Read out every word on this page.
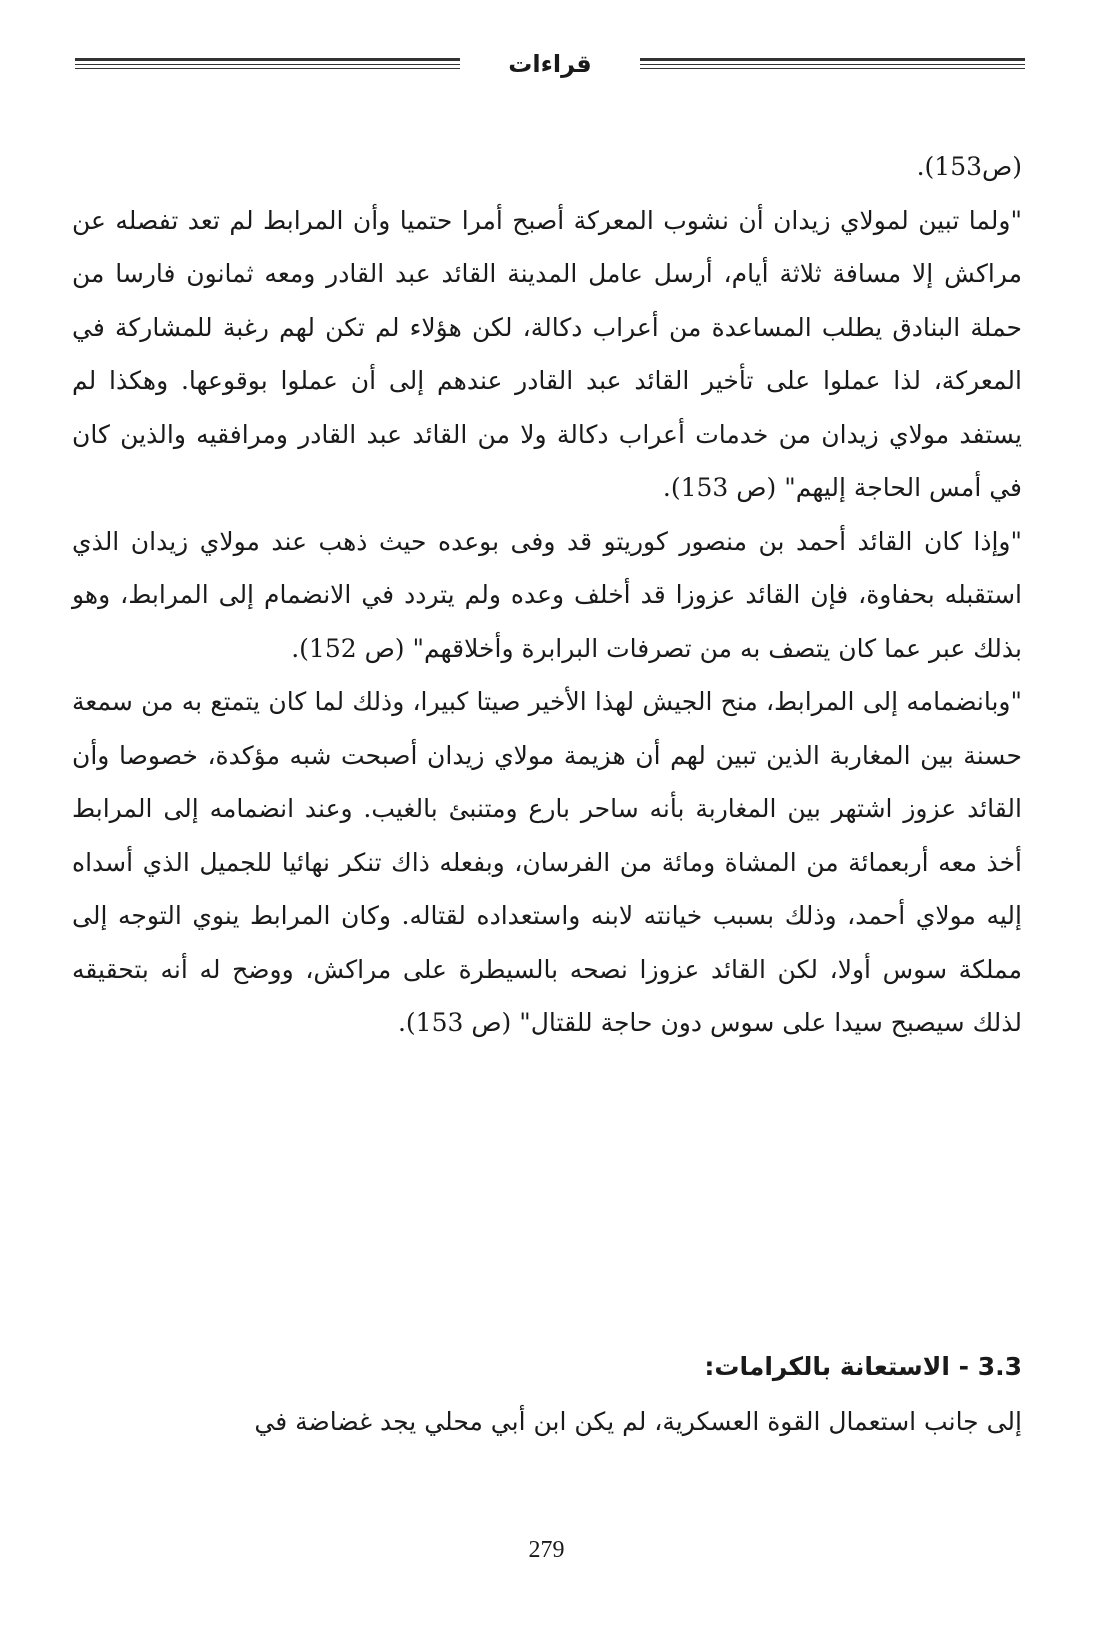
قراءات

(ص153).

"ولما تبين لمولاي زيدان أن نشوب المعركة أصبح أمرا حتميا وأن المرابط لم تعد تفصله عن مراكش إلا مسافة ثلاثة أيام، أرسل عامل المدينة القائد عبد القادر ومعه ثمانون فارسا من حملة البنادق يطلب المساعدة من أعراب دكالة، لكن هؤلاء لم تكن لهم رغبة للمشاركة في المعركة، لذا عملوا على تأخير القائد عبد القادر عندهم إلى أن عملوا بوقوعها. وهكذا لم يستفد مولاي زيدان من خدمات أعراب دكالة ولا من القائد عبد القادر ومرافقيه والذين كان في أمس الحاجة إليهم" (ص 153).

"وإذا كان القائد أحمد بن منصور كوريتو قد وفى بوعده حيث ذهب عند مولاي زيدان الذي استقبله بحفاوة، فإن القائد عزوزا قد أخلف وعده ولم يتردد في الانضمام إلى المرابط، وهو بذلك عبر عما كان يتصف به من تصرفات البرابرة وأخلاقهم" (ص 152).

"وبانضمامه إلى المرابط، منح الجيش لهذا الأخير صيتا كبيرا، وذلك لما كان يتمتع به من سمعة حسنة بين المغاربة الذين تبين لهم أن هزيمة مولاي زيدان أصبحت شبه مؤكدة، خصوصا وأن القائد عزوز اشتهر بين المغاربة بأنه ساحر بارع ومتنبئ بالغيب. وعند انضمامه إلى المرابط أخذ معه أربعمائة من المشاة ومائة من الفرسان، وبفعله ذاك تنكر نهائيا للجميل الذي أسداه إليه مولاي أحمد، وذلك بسبب خيانته لابنه واستعداده لقتاله. وكان المرابط ينوي التوجه إلى مملكة سوس أولا، لكن القائد عزوزا نصحه بالسيطرة على مراكش، ووضح له أنه بتحقيقه لذلك سيصبح سيدا على سوس دون حاجة للقتال" (ص 153).

3.3 - الاستعانة بالكرامات:
إلى جانب استعمال القوة العسكرية، لم يكن ابن أبي محلي يجد غضاضة في
279
